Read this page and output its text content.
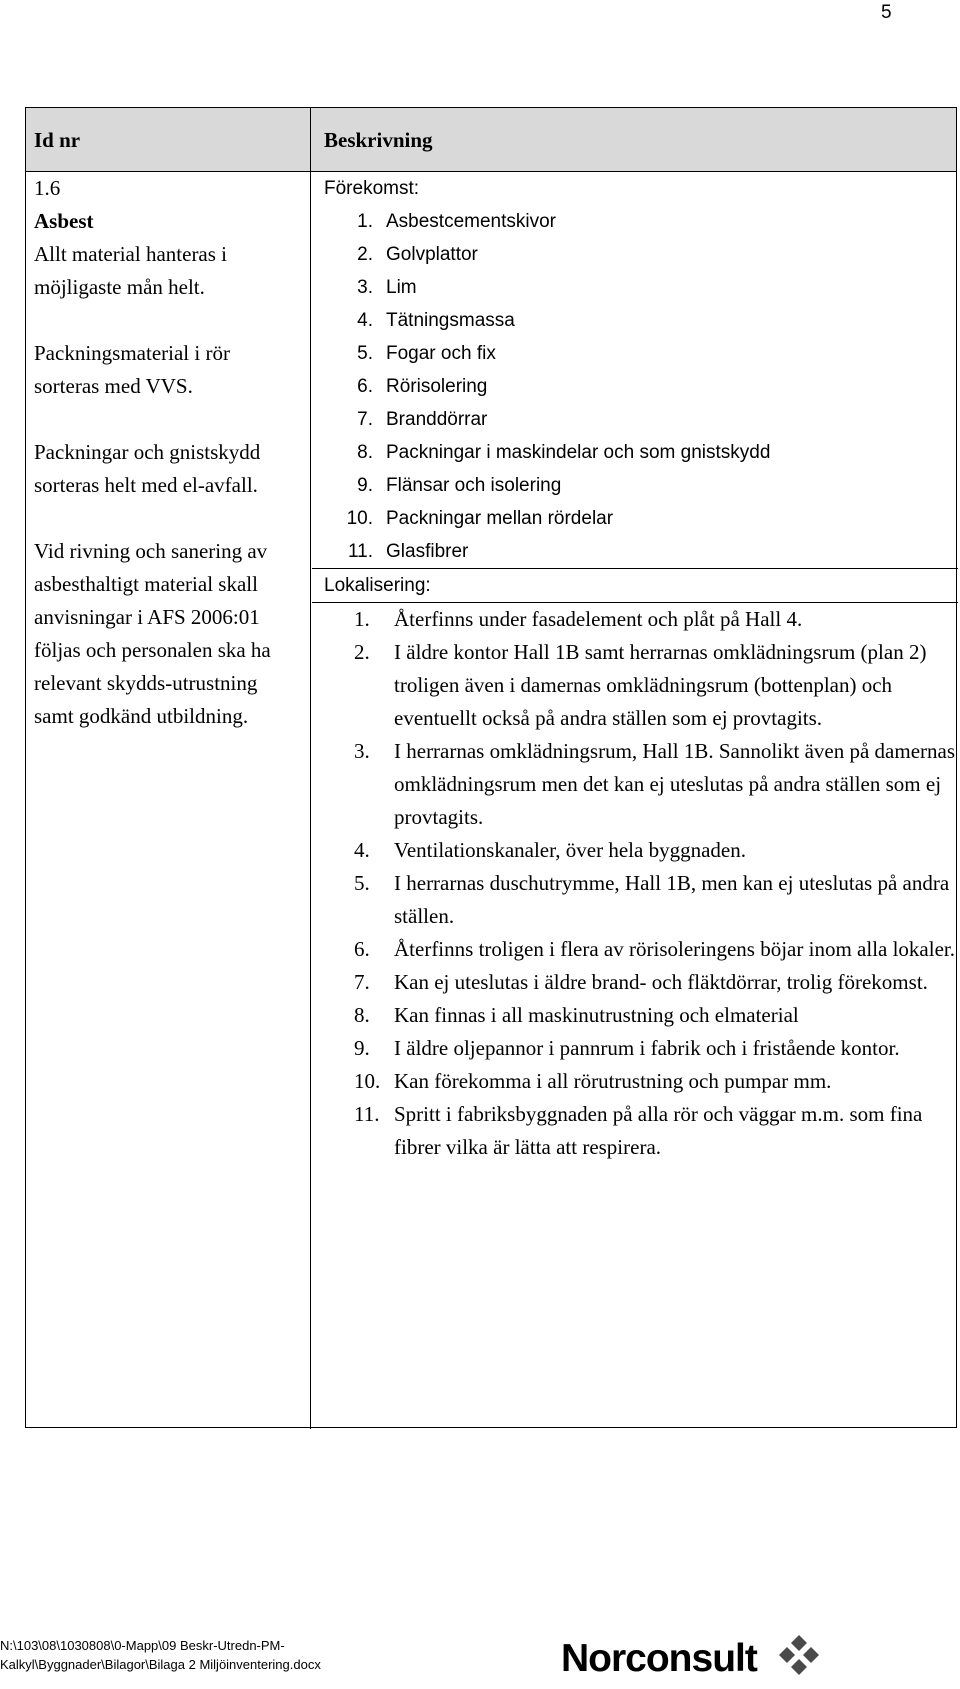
5
Id nr	Beskrivning
1.6
Asbest
Allt material hanteras i
möjligaste mån helt.
Packningsmaterial i rör
sorteras med VVS.
Packningar och gnistskydd
sorteras helt med el-avfall.
Vid rivning och sanering av
asbesthaltigt material skall
anvisningar i AFS 2006:01
följas och personalen ska ha
relevant skydds-utrustning
samt godkänd utbildning.
Förekomst:
1. Asbestcementskivor
2. Golvplattor
3. Lim
4. Tätningsmassa
5. Fogar och fix
6. Rörisolering
7. Branddörrar
8. Packningar i maskindelar och som gnistskydd
9. Flänsar och isolering
10. Packningar mellan rördelar
11. Glasfibrer
Lokalisering:
1.	Återfinns under fasadelement och plåt på Hall 4.
2.	I äldre kontor Hall 1B samt herrarnas omklädningsrum (plan 2) troligen även i damernas omklädningsrum (bottenplan) och eventuellt också på andra ställen som ej provtagits.
3.	I herrarnas omklädningsrum, Hall 1B. Sannolikt även på damernas omklädningsrum men det kan ej uteslutas på andra ställen som ej provtagits.
4.	Ventilationskanaler, över hela byggnaden.
5.	I herrarnas duschutrymme, Hall 1B, men kan ej uteslutas på andra ställen.
6.	Återfinns troligen i flera av rörisoleringens böjar inom alla lokaler.
7.	Kan ej uteslutas i äldre brand- och fläktdörrar, trolig förekomst.
8.	Kan finnas i all maskinutrustning och elmaterial
9.	I äldre oljepannor i pannrum i fabrik och i fristående kontor.
10. Kan förekomma i all rörutrustning och pumpar mm.
11. Spritt i fabriksbyggnaden på alla rör och väggar m.m. som fina fibrer vilka är lätta att respirera.
N:\103\08\1030808\0-Mapp\09 Beskr-Utredn-PM-
Kalkyl\Byggnader\Bilagor\Bilaga 2 Miljöinventering.docx	Norconsult
